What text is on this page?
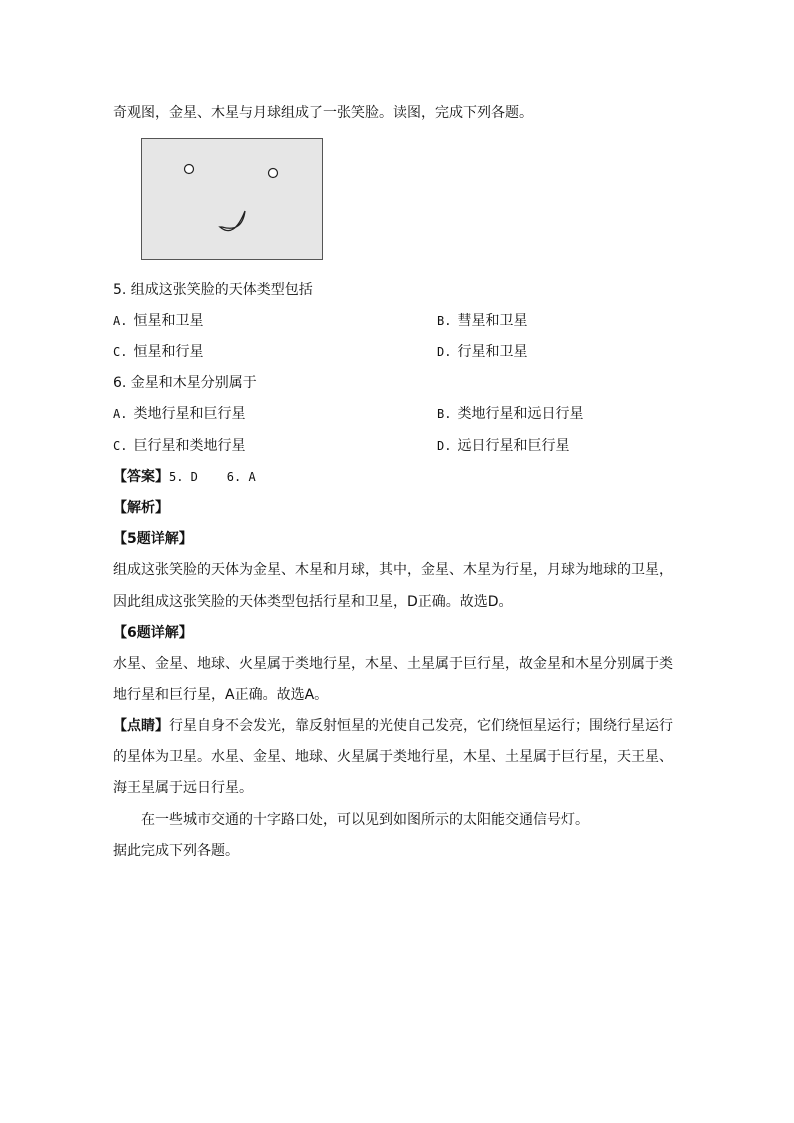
奇观图，金星、木星与月球组成了一张笑脸。读图，完成下列各题。
5. 组成这张笑脸的天体类型包括
A. 恒星和卫星	B. 彗星和卫星
C. 恒星和行星	D. 行星和卫星
6. 金星和木星分别属于
A. 类地行星和巨行星	B. 类地行星和远日行星
C. 巨行星和类地行星	D. 远日行星和巨行星
【答案】5. D    6. A
【解析】
【5题详解】
组成这张笑脸的天体为金星、木星和月球，其中，金星、木星为行星，月球为地球的卫星，
因此组成这张笑脸的天体类型包括行星和卫星，D正确。故选D。
【6题详解】
水星、金星、地球、火星属于类地行星，木星、土星属于巨行星，故金星和木星分别属于类
地行星和巨行星，A正确。故选A。
【点睛】行星自身不会发光，靠反射恒星的光使自己发亮，它们绕恒星运行；围绕行星运行
的星体为卫星。水星、金星、地球、火星属于类地行星，木星、土星属于巨行星，天王星、
海王星属于远日行星。
在一些城市交通的十字路口处，可以见到如图所示的太阳能交通信号灯。
据此完成下列各题。
